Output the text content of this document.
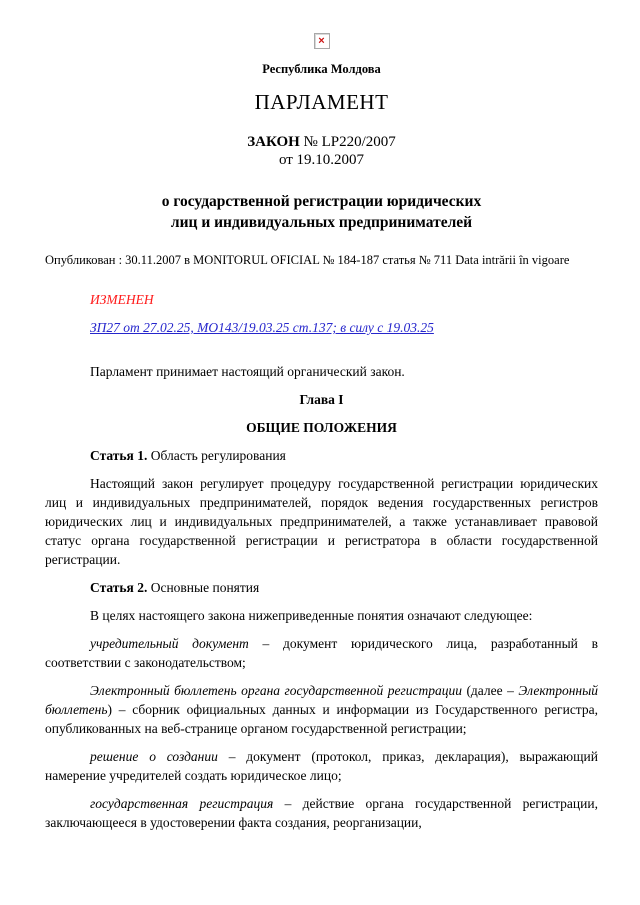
×
Республика Молдова
ПАРЛАМЕНТ
ЗАКОН № LP220/2007
от 19.10.2007
о государственной регистрации юридических
лиц и индивидуальных предпринимателей
Опубликован : 30.11.2007 в MONITORUL OFICIAL № 184-187 статья № 711 Data intrării în vigoare
ИЗМЕНЕН
ЗП27 от 27.02.25, МО143/19.03.25 ст.137; в силу с 19.03.25

Парламент принимает настоящий органический закон.

Глава I

ОБЩИЕ ПОЛОЖЕНИЯ

Статья 1. Область регулирования

Настоящий закон регулирует процедуру государственной регистрации юридических лиц и индивидуальных предпринимателей, порядок ведения государственных регистров юридических лиц и индивидуальных предпринимателей, а также устанавливает правовой статус органа государственной регистрации и регистратора в области государственной регистрации.

Статья 2. Основные понятия

В целях настоящего закона нижеприведенные понятия означают следующее:

учредительный документ – документ юридического лица, разработанный в соответствии с законодательством;

Электронный бюллетень органа государственной регистрации (далее – Электронный бюллетень) – сборник официальных данных и информации из Государственного регистра, опубликованных на веб-странице органом государственной регистрации;

решение о создании – документ (протокол, приказ, декларация), выражающий намерение учредителей создать юридическое лицо;

государственная регистрация – действие органа государственной регистрации, заключающееся в удостоверении факта создания, реорганизации,
